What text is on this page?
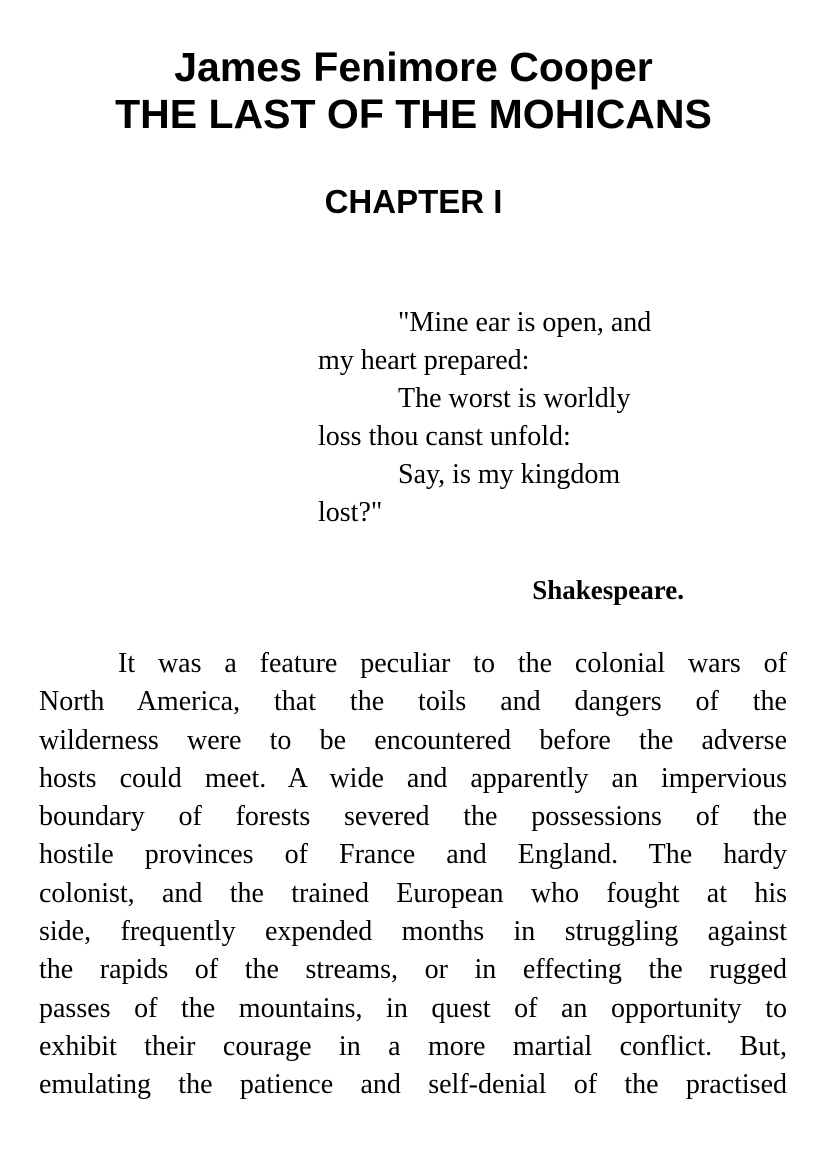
James Fenimore Cooper

THE LAST OF THE MOHICANS

CHAPTER I

"Mine ear is open, and
my heart prepared:
The worst is worldly
loss thou canst unfold:
Say, is my kingdom
lost?"
Shakespeare.
It was a feature peculiar to the colonial wars of
North America, that the toils and dangers of the
wilderness were to be encountered before the adverse
hosts could meet. A wide and apparently an impervious
boundary of forests severed the possessions of the
hostile provinces of France and England. The hardy
colonist, and the trained European who fought at his
side, frequently expended months in struggling against
the rapids of the streams, or in effecting the rugged
passes of the mountains, in quest of an opportunity to
exhibit their courage in a more martial conflict. But,
emulating the patience and self-denial of the practised
